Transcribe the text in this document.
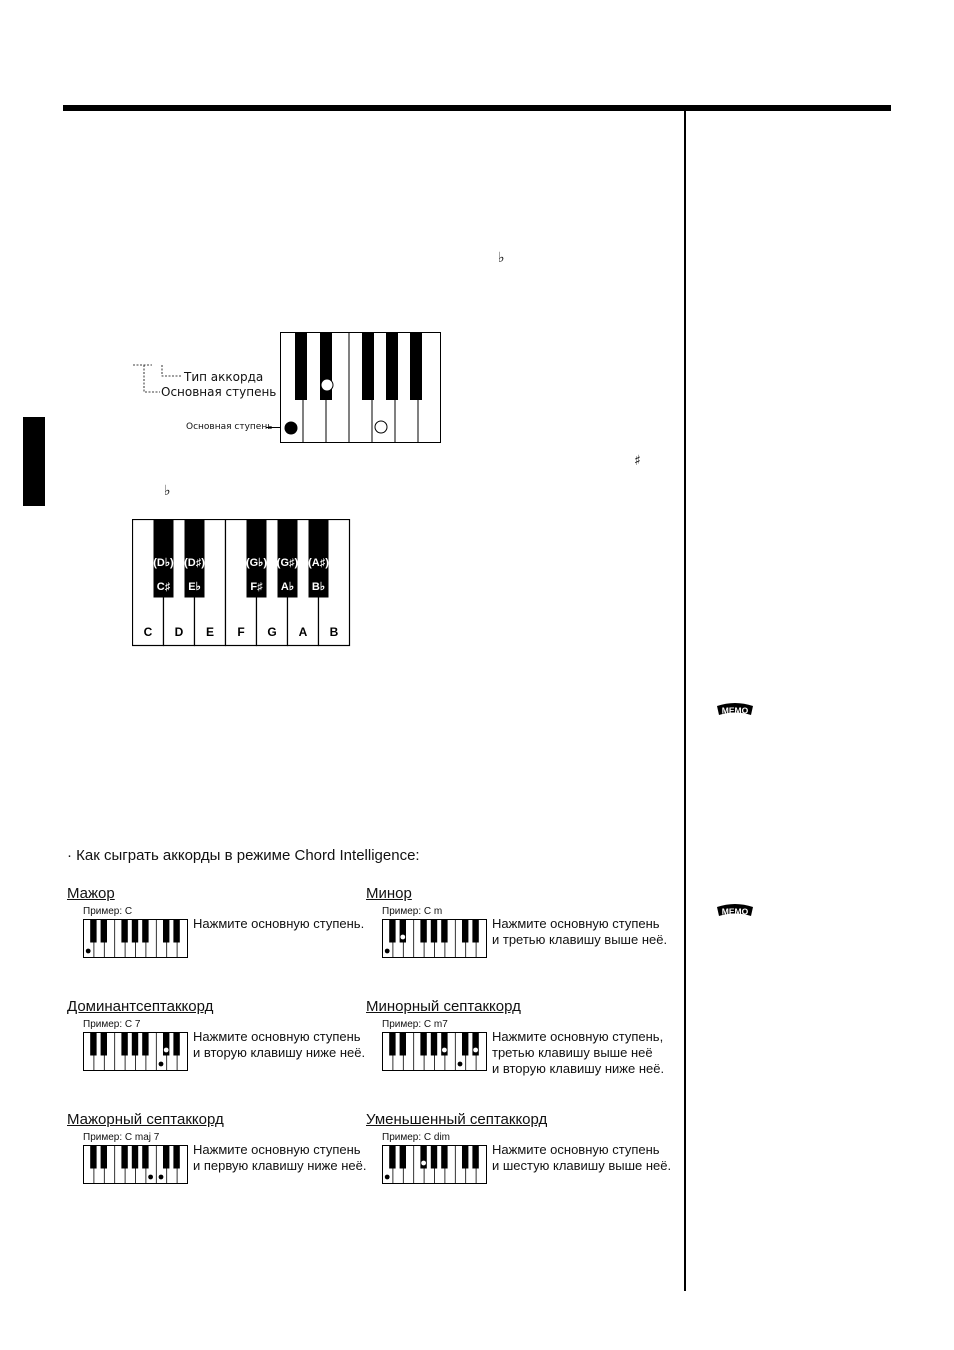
♭
♯
♭
Тип аккорда
Основная ступень
Основная ступень
C D E F G A B
(D♭)
C♯
(D♯)
E♭
(G♭)
F♯
(G♯)
A♭
(A♯)
B♭
MEMO
MEMO
· Как сыграть аккорды в режиме Chord Intelligence:
Мажор
Пример: C
Нажмите основную ступень.
Минор
Пример: C m
Нажмите основную ступень
и третью клавишу выше неё.
Доминантсептаккорд
Пример: C 7
Нажмите основную ступень
и вторую клавишу ниже неё.
Минорный септаккорд
Пример: C m7
Нажмите основную ступень,
третью клавишу выше неё
и вторую клавишу ниже неё.
Мажорный септаккорд
Пример: C maj 7
Нажмите основную ступень
и первую клавишу ниже неё.
Уменьшенный септаккорд
Пример: C dim
Нажмите основную ступень
и шестую клавишу выше неё.
